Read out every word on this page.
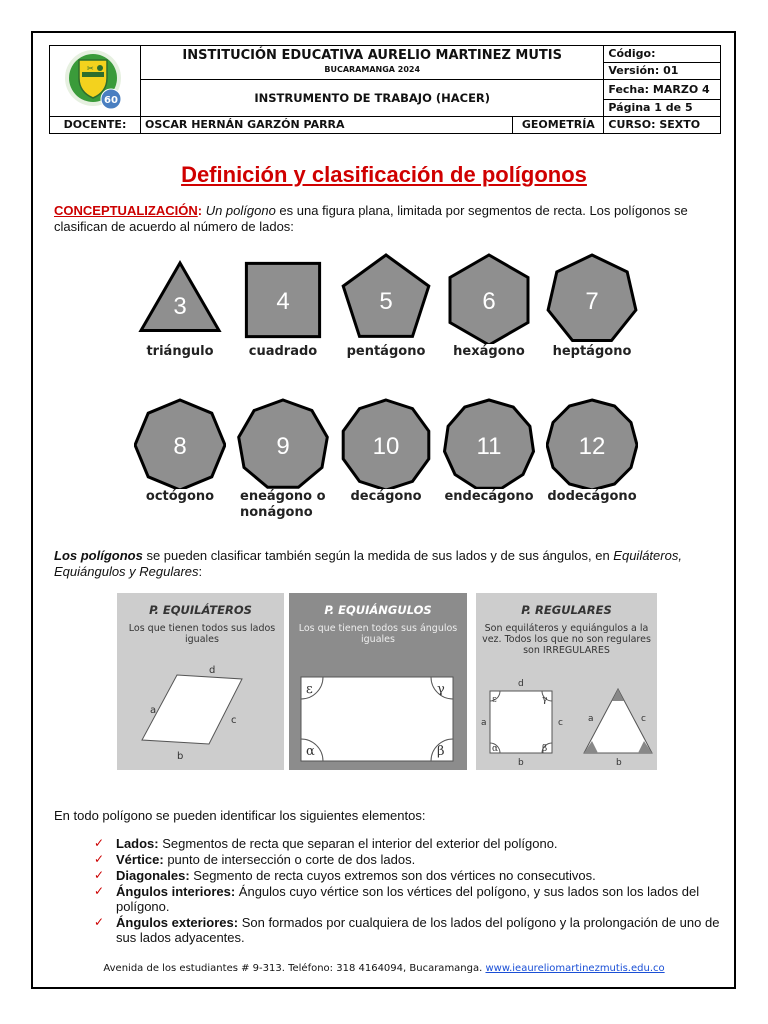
✂
60	INSTITUCIÓN EDUCATIVA AURELIO MARTINEZ MUTIS
BUCARAMANGA 2024		Código:
			Versión: 01
	INSTRUMENTO DE TRABAJO (HACER)		Fecha: MARZO 4
			Página 1 de 5
DOCENTE:	OSCAR HERNÁN GARZÓN PARRA	GEOMETRÍA	CURSO: SEXTO
Definición y clasificación de polígonos

CONCEPTUALIZACIÓN: Un polígono es una figura plana, limitada por segmentos de recta. Los polígonos se clasifican de acuerdo al número de lados:

3
triángulo
4
cuadrado
5
pentágono
6
hexágono
7
heptágono
8
octógono
9
eneágono o nonágono
10
decágono
11
endecágono
12
dodecágono

Los polígonos se pueden clasificar también según la medida de sus lados y de sus ángulos, en Equiláteros, Equiángulos y Regulares:

P. EQUILÁTEROS

Los que tienen todos sus lados iguales

d
a
c
b
P. EQUIÁNGULOS

Los que tienen todos sus ángulos iguales

ε	γ
α	β
P. REGULARES

Son equiláteros y equiángulos a la vez. Todos los que no son regulares son IRREGULARES

d
ε	γ
a	c
α	β
b
a	c
b

En todo polígono se pueden identificar los siguientes elementos:

✓ Lados: Segmentos de recta que separan el interior del exterior del polígono.
✓ Vértice: punto de intersección o corte de dos lados.
✓ Diagonales: Segmento de recta cuyos extremos son dos vértices no consecutivos.
✓ Ángulos interiores: Ángulos cuyo vértice son los vértices del polígono, y sus lados son los lados del polígono.
✓ Ángulos exteriores: Son formados por cualquiera de los lados del polígono y la prolongación de uno de sus lados adyacentes.
Avenida de los estudiantes # 9-313. Teléfono: 318 4164094, Bucaramanga. www.ieaureliomartinezmutis.edu.co
